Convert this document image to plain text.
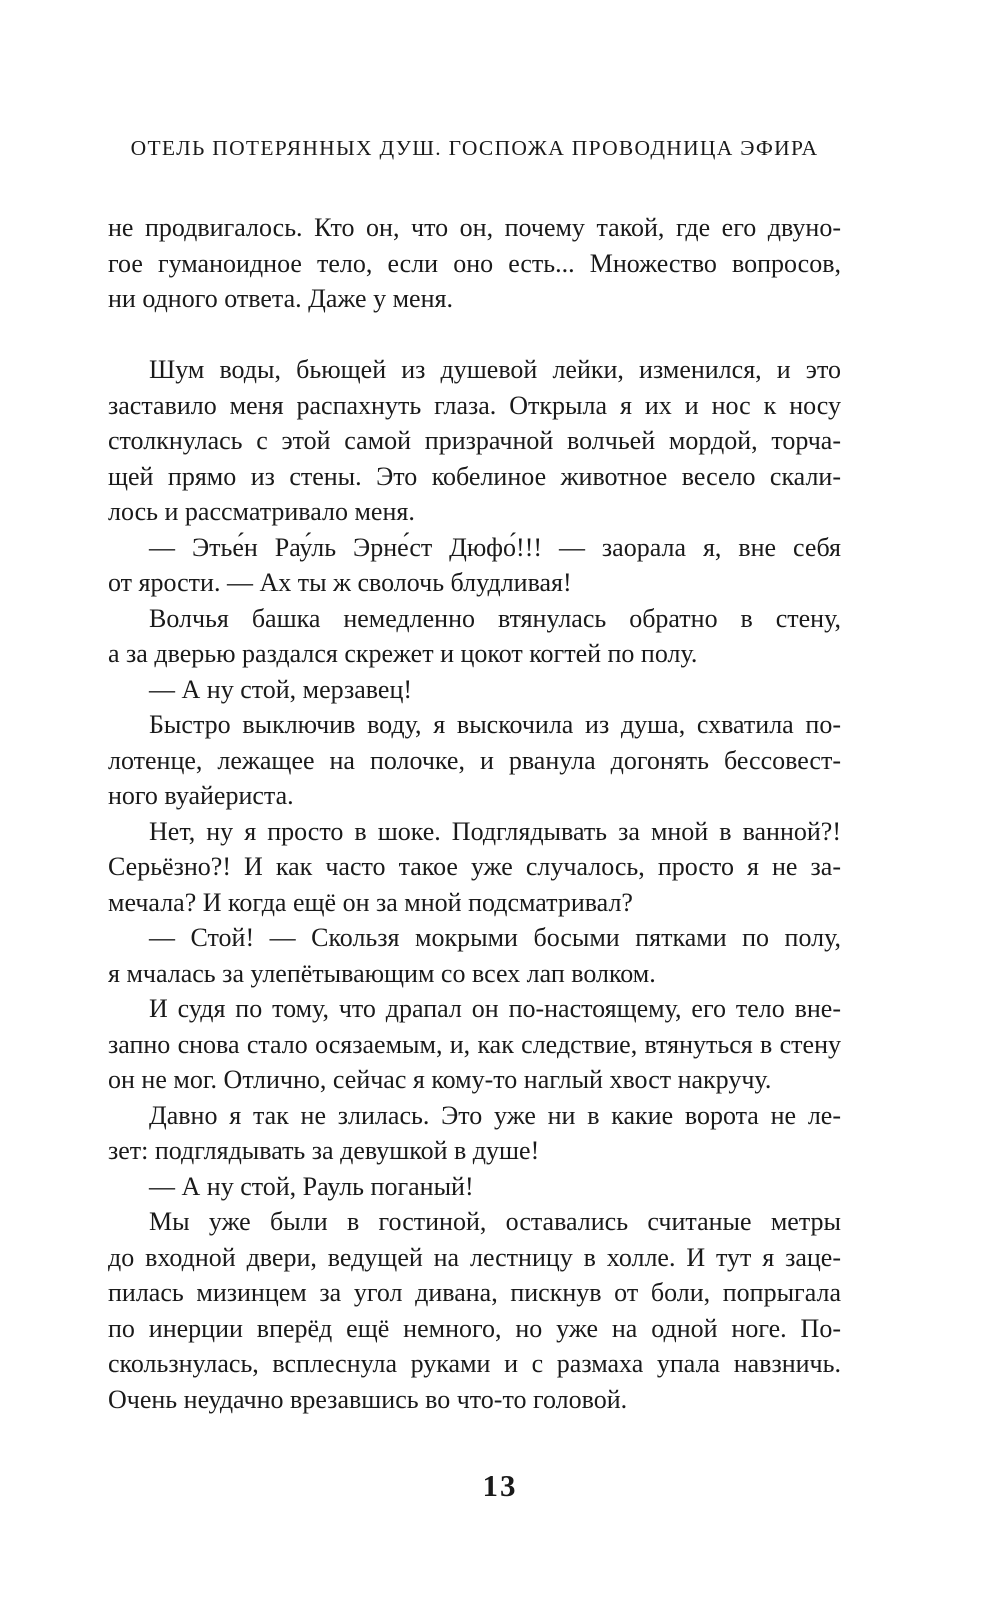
ОТЕЛЬ ПОТЕРЯННЫХ ДУШ. ГОСПОЖА ПРОВОДНИЦА ЭФИРА
не продвигалось. Кто он, что он, почему такой, где его двуно-
гое гуманоидное тело, если оно есть... Множество вопросов,
ни одного ответа. Даже у меня.
Шум воды, бьющей из душевой лейки, изменился, и это
заставило меня распахнуть глаза. Открыла я их и нос к носу
столкнулась с этой самой призрачной волчьей мордой, торча-
щей прямо из стены. Это кобелиное животное весело скали-
лось и рассматривало меня.
— Этье́н Рау́ль Эрне́ст Дюфо́!!! — заорала я, вне себя
от ярости. — Ах ты ж сволочь блудливая!
Волчья башка немедленно втянулась обратно в стену,
а за дверью раздался скрежет и цокот когтей по полу.
— А ну стой, мерзавец!
Быстро выключив воду, я выскочила из душа, схватила по-
лотенце, лежащее на полочке, и рванула догонять бессовест-
ного вуайериста.
Нет, ну я просто в шоке. Подглядывать за мной в ванной?!
Серьёзно?! И как часто такое уже случалось, просто я не за-
мечала? И когда ещё он за мной подсматривал?
— Стой! — Скользя мокрыми босыми пятками по полу,
я мчалась за улепётывающим со всех лап волком.
И судя по тому, что драпал он по-настоящему, его тело вне-
запно снова стало осязаемым, и, как следствие, втянуться в стену
он не мог. Отлично, сейчас я кому-то наглый хвост накручу.
Давно я так не злилась. Это уже ни в какие ворота не ле-
зет: подглядывать за девушкой в душе!
— А ну стой, Рауль поганый!
Мы уже были в гостиной, оставались считаные метры
до входной двери, ведущей на лестницу в холле. И тут я заце-
пилась мизинцем за угол дивана, пискнув от боли, попрыгала
по инерции вперёд ещё немного, но уже на одной ноге. По-
скользнулась, всплеснула руками и с размаха упала навзничь.
Очень неудачно врезавшись во что-то головой.
13
